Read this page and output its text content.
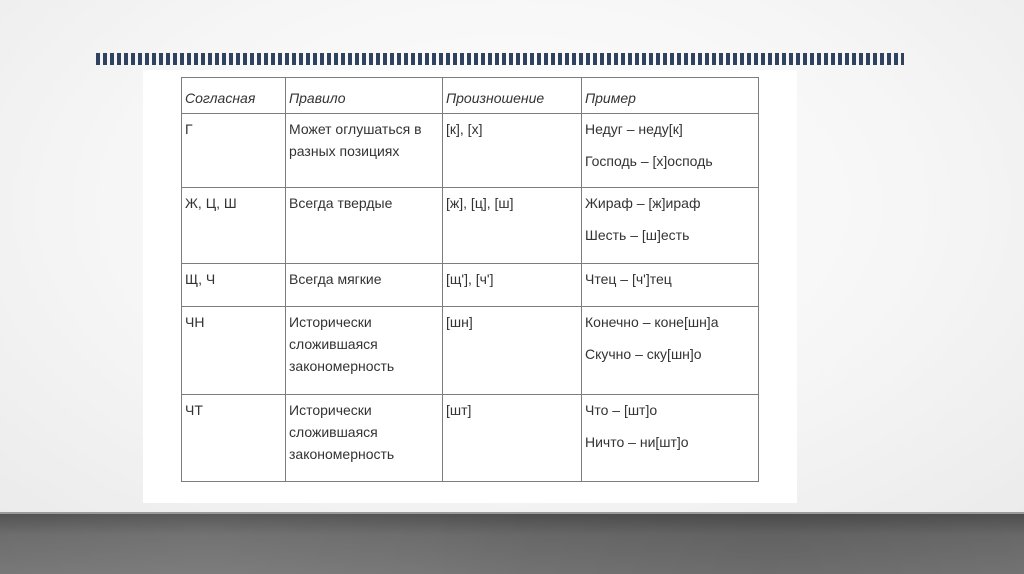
Согласная	Правило	Произношение	Пример
Г	Может оглушаться в разных позициях	[к], [х]	Недуг – неду[к]
Господь – [х]осподь

Ж, Ц, Ш	Всегда твердые	[ж], [ц], [ш]	Жираф – [ж]ираф
Шесть – [ш]есть

Щ, Ч	Всегда мягкие	[щ'], [ч']	Чтец – [ч']тец

ЧН	Исторически сложившаяся закономерность	[шн]	Конечно – коне[шн]а
Скучно – ску[шн]о

ЧТ	Исторически сложившаяся закономерность	[шт]	Что – [шт]о
Ничто – ни[шт]о
